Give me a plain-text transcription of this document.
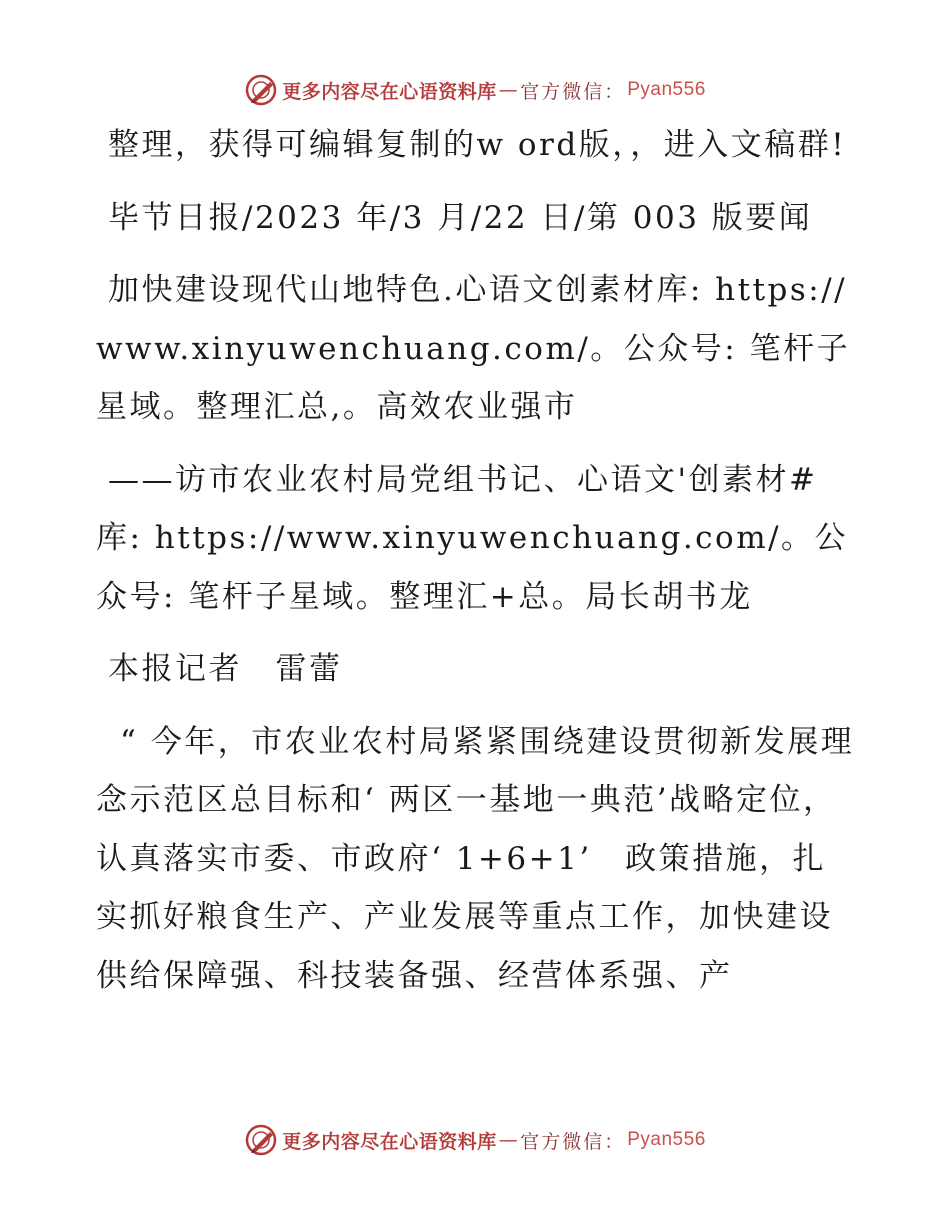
更多内容尽在心语资料库 — 官方微信： Pyan556

整理，获得可编辑复制的w ord版，，进入文稿群!

毕节日报/2023 年/3 月/22 日/第 003 版要闻

加快建设现代山地特色.心语文创素材库: https://www.xinyuwenchuang.com/。公众号: 笔杆子星域。整理汇总,。高效农业强市

——访市农业农村局党组书记、心语文'创素材#库: https://www.xinyuwenchuang.com/。公众号: 笔杆子星域。整理汇+总。局长胡书龙

本报记者　雷蕾

“ 今年，市农业农村局紧紧围绕建设贯彻新发展理念示范区总目标和‘ 两区一基地一典范’战略定位，认真落实市委、市政府‘ 1+6+1’　政策措施，扎实抓好粮食生产、产业发展等重点工作，加快建设供给保障强、科技装备强、经营体系强、产

更多内容尽在心语资料库 — 官方微信： Pyan556
